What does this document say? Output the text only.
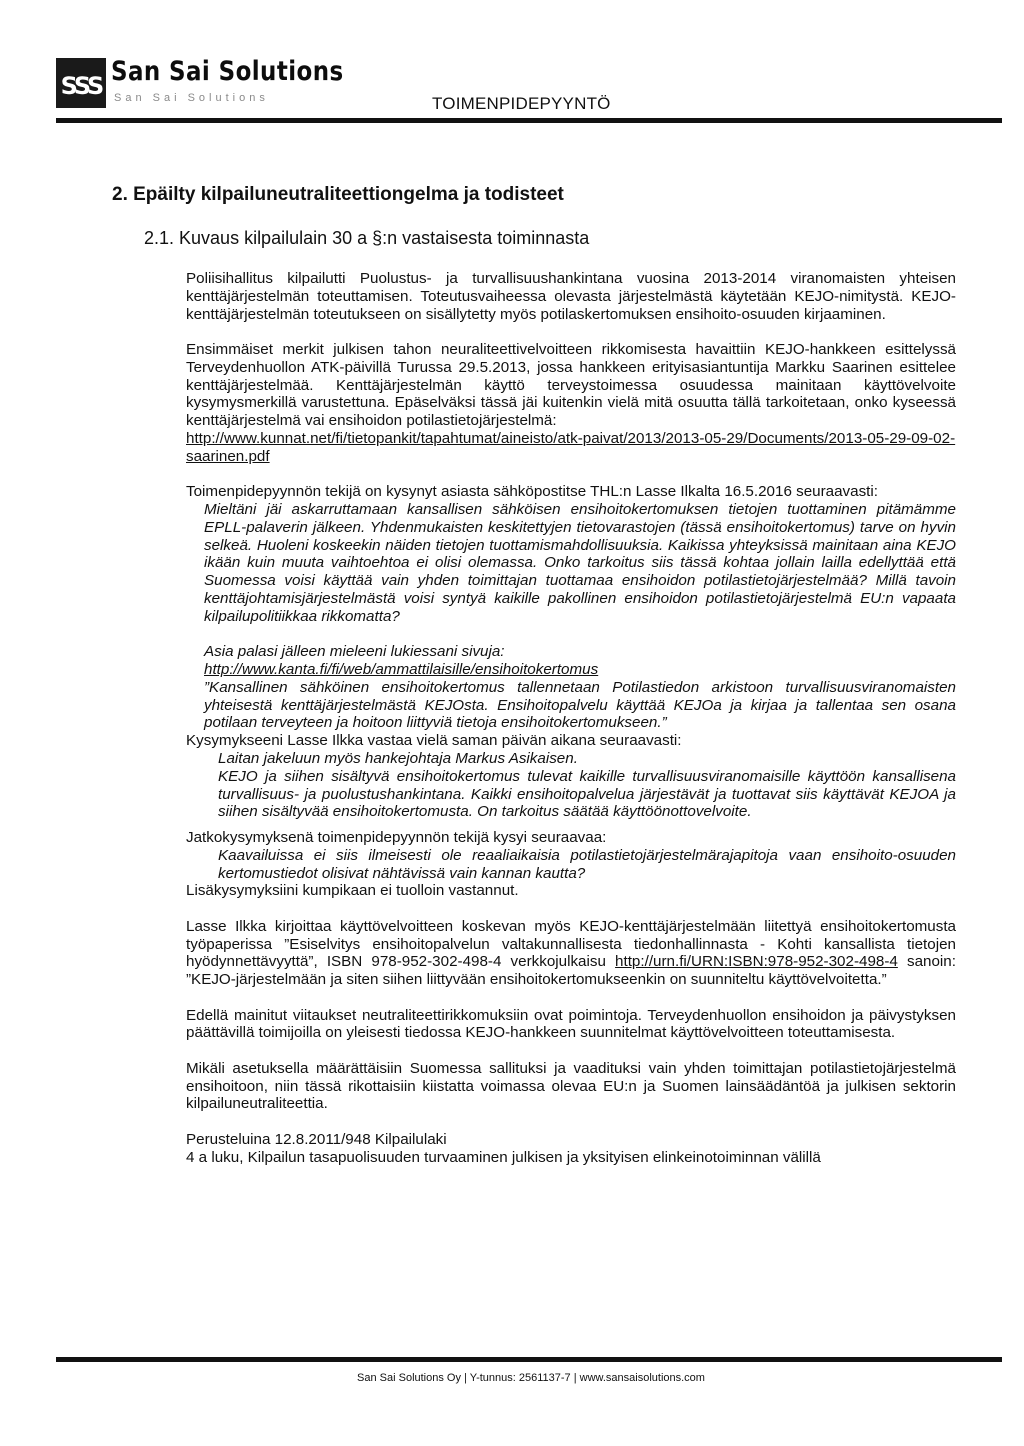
SSS San Sai Solutions
San Sai Solutions	TOIMENPIDEPYYNTÖ
2. Epäilty kilpailuneutraliteettiongelma ja todisteet
2.1. Kuvaus kilpailulain 30 a §:n vastaisesta toiminnasta

Poliisihallitus kilpailutti Puolustus- ja turvallisuushankintana vuosina 2013-2014 viranomaisten yhteisen kenttäjärjestelmän toteuttamisen. Toteutusvaiheessa olevasta järjestelmästä käytetään KEJO-nimitystä. KEJO-kenttäjärjestelmän toteutukseen on sisällytetty myös potilaskertomuksen ensihoito-osuuden kirjaaminen.

Ensimmäiset merkit julkisen tahon neuraliteettivelvoitteen rikkomisesta havaittiin KEJO-hankkeen esittelyssä Terveydenhuollon ATK-päivillä Turussa 29.5.2013, jossa hankkeen erityisasiantuntija Markku Saarinen esittelee kenttäjärjestelmää. Kenttäjärjestelmän käyttö terveystoimessa osuudessa mainitaan käyttövelvoite kysymysmerkillä varustettuna. Epäselväksi tässä jäi kuitenkin vielä mitä osuutta tällä tarkoitetaan, onko kyseessä kenttäjärjestelmä vai ensihoidon potilastietojärjestelmä:

http://www.kunnat.net/fi/tietopankit/tapahtumat/aineisto/atk-paivat/2013/2013-05-29/Documents/2013-05-29-09-02-saarinen.pdf

Toimenpidepyynnön tekijä on kysynyt asiasta sähköpostitse THL:n Lasse Ilkalta 16.5.2016 seuraavasti:

Mieltäni jäi askarruttamaan kansallisen sähköisen ensihoitokertomuksen tietojen tuottaminen pitämämme EPLL-palaverin jälkeen. Yhdenmukaisten keskitettyjen tietovarastojen (tässä ensihoitokertomus) tarve on hyvin selkeä. Huoleni koskeekin näiden tietojen tuottamismahdollisuuksia. Kaikissa yhteyksissä mainitaan aina KEJO ikään kuin muuta vaihtoehtoa ei olisi olemassa. Onko tarkoitus siis tässä kohtaa jollain lailla edellyttää että Suomessa voisi käyttää vain yhden toimittajan tuottamaa ensihoidon potilastietojärjestelmää? Millä tavoin kenttäjohtamisjärjestelmästä voisi syntyä kaikille pakollinen ensihoidon potilastietojärjestelmä EU:n vapaata kilpailupolitiikkaa rikkomatta?

Asia palasi jälleen mieleeni lukiessani sivuja:

http://www.kanta.fi/fi/web/ammattilaisille/ensihoitokertomus

”Kansallinen sähköinen ensihoitokertomus tallennetaan Potilastiedon arkistoon turvallisuusviranomaisten yhteisestä kenttäjärjestelmästä KEJOsta. Ensihoitopalvelu käyttää KEJOa ja kirjaa ja tallentaa sen osana potilaan terveyteen ja hoitoon liittyviä tietoja ensihoitokertomukseen.”

Kysymykseeni Lasse Ilkka vastaa vielä saman päivän aikana seuraavasti:

Laitan jakeluun myös hankejohtaja Markus Asikaisen.

KEJO ja siihen sisältyvä ensihoitokertomus tulevat kaikille turvallisuusviranomaisille käyttöön kansallisena turvallisuus- ja puolustushankintana. Kaikki ensihoitopalvelua järjestävät ja tuottavat siis käyttävät KEJOA ja siihen sisältyvää ensihoitokertomusta. On tarkoitus säätää käyttöönottovelvoite.

Jatkokysymyksenä toimenpidepyynnön tekijä kysyi seuraavaa:

Kaavailuissa ei siis ilmeisesti ole reaaliaikaisia potilastietojärjestelmärajapitoja vaan ensihoito-osuuden kertomustiedot olisivat nähtävissä vain kannan kautta?

Lisäkysymyksiini kumpikaan ei tuolloin vastannut.

Lasse Ilkka kirjoittaa käyttövelvoitteen koskevan myös KEJO-kenttäjärjestelmään liitettyä ensihoitokertomusta työpaperissa ”Esiselvitys ensihoitopalvelun valtakunnallisesta tiedonhallinnasta - Kohti kansallista tietojen hyödynnettävyyttä”, ISBN 978-952-302-498-4 verkkojulkaisu http://urn.fi/URN:ISBN:978-952-302-498-4 sanoin: ”KEJO-järjestelmään ja siten siihen liittyvään ensihoitokertomukseenkin on suunniteltu käyttövelvoitetta.”

Edellä mainitut viitaukset neutraliteettirikkomuksiin ovat poimintoja. Terveydenhuollon ensihoidon ja päivystyksen päättävillä toimijoilla on yleisesti tiedossa KEJO-hankkeen suunnitelmat käyttövelvoitteen toteuttamisesta.

Mikäli asetuksella määrättäisiin Suomessa sallituksi ja vaadituksi vain yhden toimittajan potilastietojärjestelmä ensihoitoon, niin tässä rikottaisiin kiistatta voimassa olevaa EU:n ja Suomen lainsäädäntöä ja julkisen sektorin kilpailuneutraliteettia.

Perusteluina 12.8.2011/948 Kilpailulaki

4 a luku, Kilpailun tasapuolisuuden turvaaminen julkisen ja yksityisen elinkeinotoiminnan välillä

San Sai Solutions Oy | Y-tunnus: 2561137-7 | www.sansaisolutions.com
